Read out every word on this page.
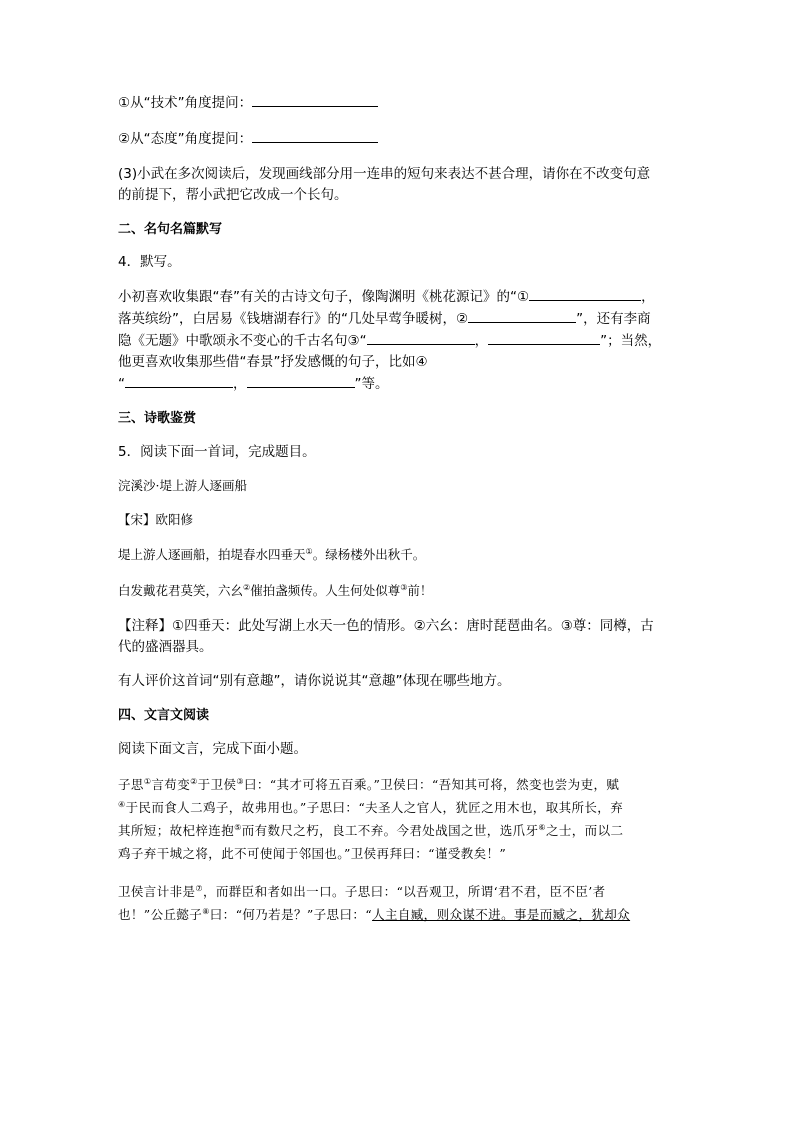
①从“技术”角度提问：

②从“态度”角度提问：

(3)小武在多次阅读后，发现画线部分用一连串的短句来表达不甚合理，请你在不改变句意
的前提下，帮小武把它改成一个长句。

二、名句名篇默写

4．默写。

小初喜欢收集跟“春”有关的古诗文句子，像陶渊明《桃花源记》的“①	，
落英缤纷”，白居易《钱塘湖春行》的“几处早莺争暖树，②	”，还有李商
隐《无题》中歌颂永不变心的千古名句③“	，	”；当然，
他更喜欢收集那些借“春景”抒发感慨的句子，比如④
“	，	”等。

三、诗歌鉴赏

5．阅读下面一首词，完成题目。

浣溪沙·堤上游人逐画船

【宋】欧阳修

堤上游人逐画船，拍堤春水四垂天①。绿杨楼外出秋千。

白发戴花君莫笑，六幺②催拍盏频传。人生何处似尊③前！

【注释】①四垂天：此处写湖上水天一色的情形。②六幺：唐时琵琶曲名。③尊：同樽，古
代的盛酒器具。

有人评价这首词“别有意趣”，请你说说其“意趣”体现在哪些地方。

四、文言文阅读

阅读下面文言，完成下面小题。

子思①言苟变②于卫侯③曰：“其才可将五百乘。”卫侯曰：“吾知其可将，然变也尝为吏，赋
④于民而食人二鸡子，故弗用也。”子思曰：“夫圣人之官人，犹匠之用木也，取其所长，弃
其所短；故杞梓连抱⑤而有数尺之朽，良工不弃。今君处战国之世，选爪牙⑥之士，而以二
鸡子弃干城之将，此不可使闻于邻国也。”卫侯再拜曰：“谨受教矣！”
卫侯言计非是⑦，而群臣和者如出一口。子思曰：“以吾观卫，所谓‘君不君，臣不臣’者
也！”公丘懿子⑧曰：“何乃若是？”子思曰：“人主自臧，则众谋不进。事是而臧之，犹却众
